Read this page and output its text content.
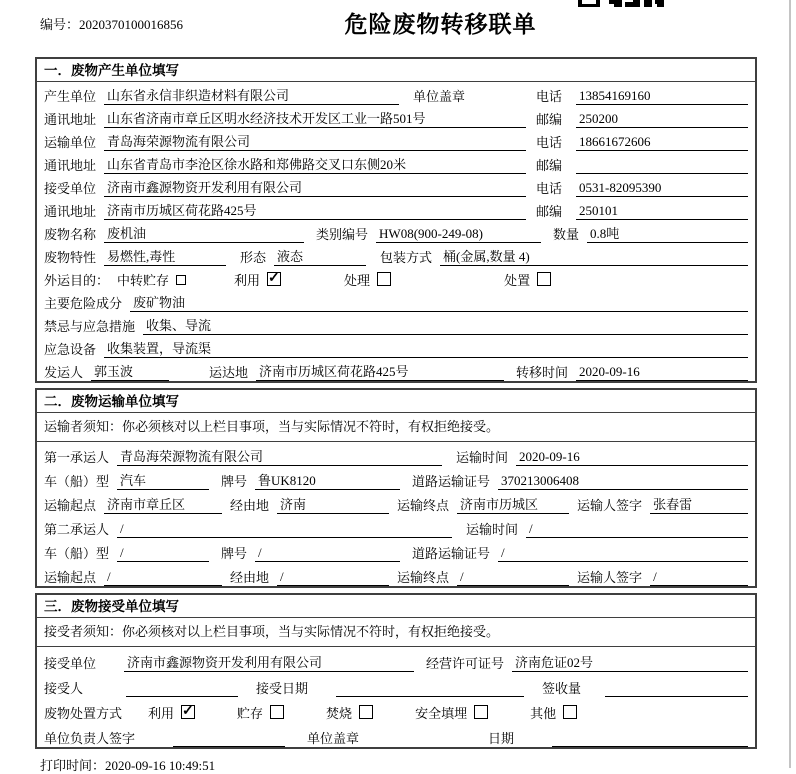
编号：2020370100016856	危险废物转移联单
一．废物产生单位填写
产生单位 山东省永信非织造材料有限公司	单位盖章	电话	13854169160
通讯地址 山东省济南市章丘区明水经济技术开发区工业一路501号	邮编	250200
运输单位 青岛海荣源物流有限公司	电话	18661672606
通讯地址 山东省青岛市李沧区徐水路和郑佛路交叉口东侧20米	邮编
接受单位 济南市鑫源物资开发利用有限公司	电话	0531-82095390
通讯地址 济南市历城区荷花路425号	邮编	250101
废物名称 废机油	类别编号 HW08(900-249-08)	数量 0.8吨
废物特性 易燃性,毒性	形态 液态	包装方式 桶(金属,数量 4)
外运目的： 中转贮存	利用 ✓	处理	处置
主要危险成分 废矿物油
禁忌与应急措施 收集、导流
应急设备 收集装置，导流渠
发运人 郭玉波	运达地 济南市历城区荷花路425号	转移时间 2020-09-16
二．废物运输单位填写
运输者须知：你必须核对以上栏目事项，当与实际情况不符时，有权拒绝接受。
第一承运人 青岛海荣源物流有限公司	运输时间 2020-09-16
车（船）型 汽车	牌号 鲁UK8120	道路运输证号 370213006408
运输起点 济南市章丘区	经由地 济南	运输终点 济南市历城区	运输人签字 张春雷
第二承运人 /	运输时间 /
车（船）型 /	牌号 /	道路运输证号 /
运输起点 /	经由地 /	运输终点 /	运输人签字 /
三．废物接受单位填写
接受者须知：你必须核对以上栏目事项，当与实际情况不符时，有权拒绝接受。
接受单位 济南市鑫源物资开发利用有限公司	经营许可证号 济南危证02号
接受人	接受日期	签收量
废物处置方式 利用 ✓	贮存	焚烧	安全填埋	其他
单位负责人签字	单位盖章	日期
打印时间：2020-09-16 10:49:51
